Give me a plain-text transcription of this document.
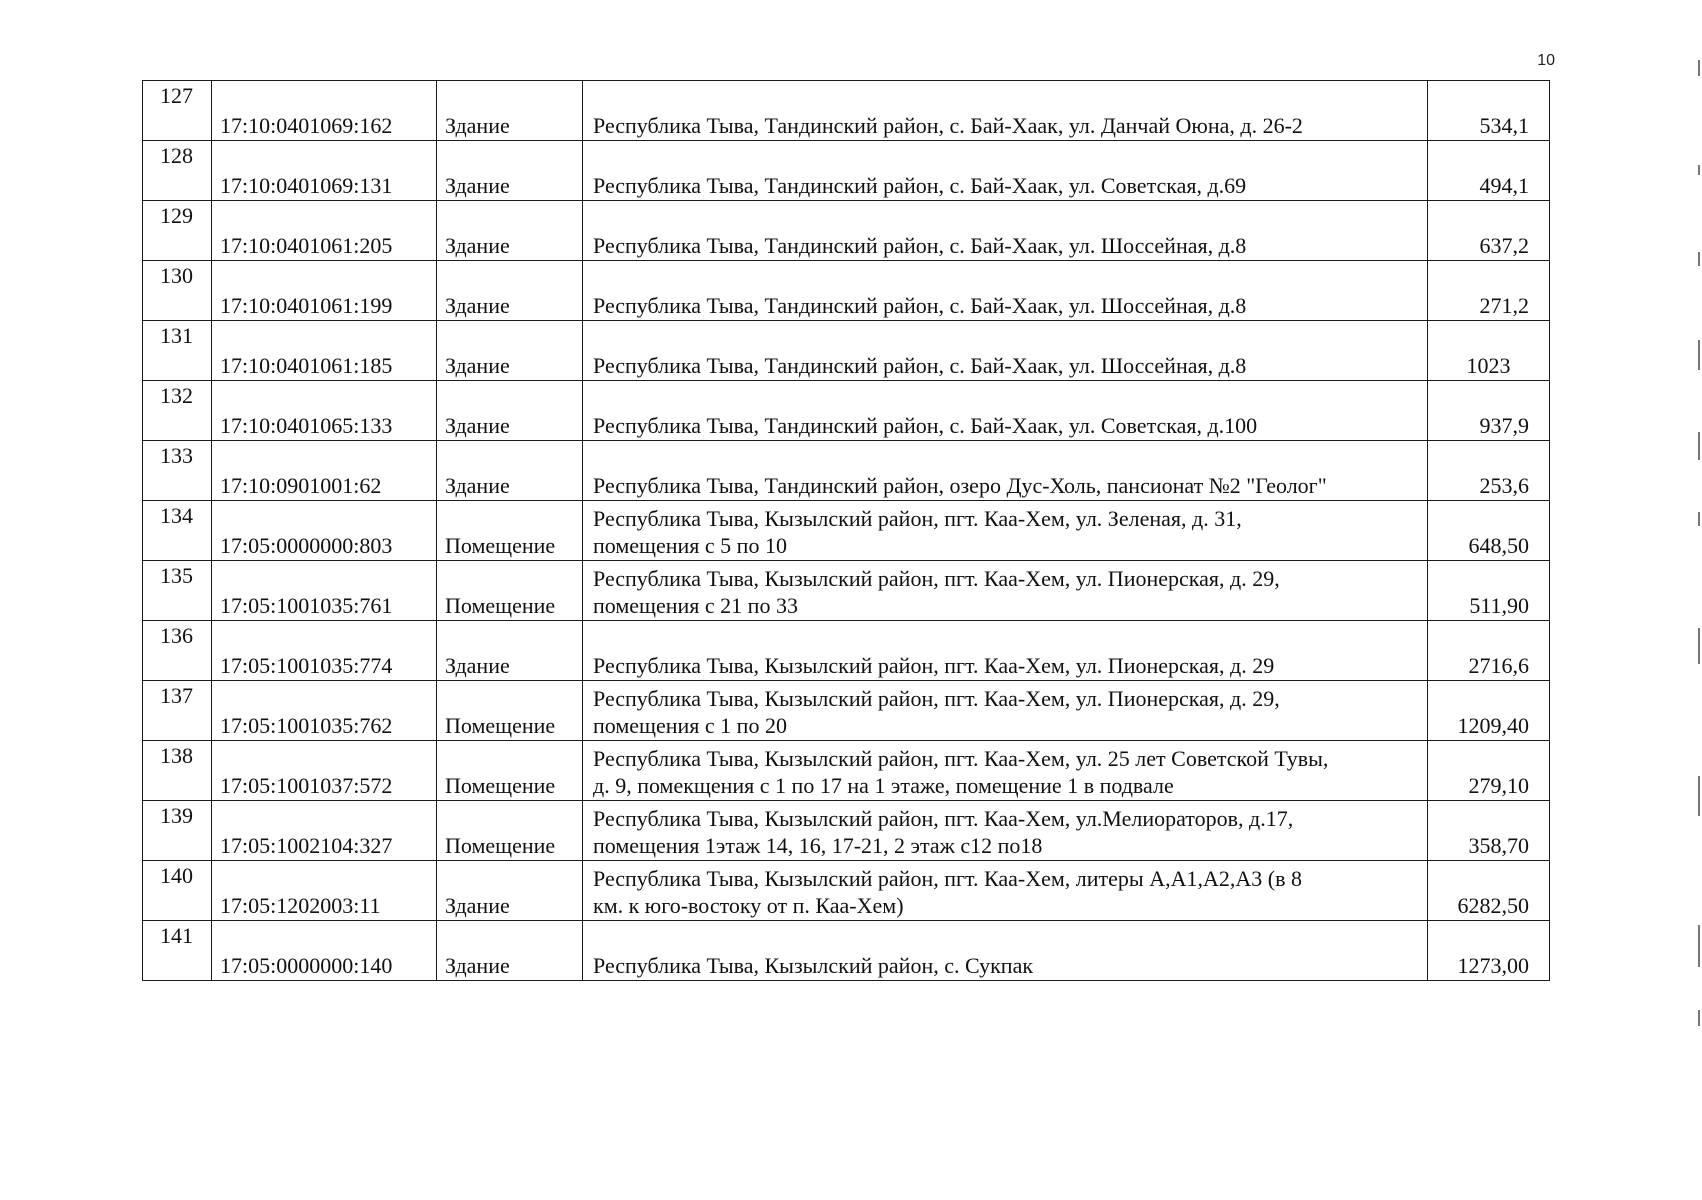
10
127	17:10:0401069:162	Здание	Республика Тыва, Тандинский район, с. Бай-Хаак, ул. Данчай Оюна, д. 26-2	534,1
128	17:10:0401069:131	Здание	Республика Тыва, Тандинский район, с. Бай-Хаак, ул. Советская, д.69	494,1
129	17:10:0401061:205	Здание	Республика Тыва, Тандинский район, с. Бай-Хаак, ул. Шоссейная, д.8	637,2
130	17:10:0401061:199	Здание	Республика Тыва, Тандинский район, с. Бай-Хаак, ул. Шоссейная, д.8	271,2
131	17:10:0401061:185	Здание	Республика Тыва, Тандинский район, с. Бай-Хаак, ул. Шоссейная, д.8	1023
132	17:10:0401065:133	Здание	Республика Тыва, Тандинский район, с. Бай-Хаак, ул. Советская, д.100	937,9
133	17:10:0901001:62	Здание	Республика Тыва, Тандинский район, озеро Дус-Холь, пансионат №2 "Геолог"	253,6
134	17:05:0000000:803	Помещение	Республика Тыва, Кызылский район, пгт. Каа-Хем, ул. Зеленая, д. 31,
помещения с 5 по 10	648,50
135	17:05:1001035:761	Помещение	Республика Тыва, Кызылский район, пгт. Каа-Хем, ул. Пионерская, д. 29,
помещения с 21 по 33	511,90
136	17:05:1001035:774	Здание	Республика Тыва, Кызылский район, пгт. Каа-Хем, ул. Пионерская, д. 29	2716,6
137	17:05:1001035:762	Помещение	Республика Тыва, Кызылский район, пгт. Каа-Хем, ул. Пионерская, д. 29,
помещения с 1 по 20	1209,40
138	17:05:1001037:572	Помещение	Республика Тыва, Кызылский район, пгт. Каа-Хем, ул. 25 лет Советской Тувы,
д. 9, помекщения с 1 по 17 на 1 этаже, помещение 1 в подвале	279,10
139	17:05:1002104:327	Помещение	Республика Тыва, Кызылский район, пгт. Каа-Хем, ул.Мелиораторов, д.17,
помещения 1этаж 14, 16, 17-21, 2 этаж с12 по18	358,70
140	17:05:1202003:11	Здание	Республика Тыва, Кызылский район, пгт. Каа-Хем, литеры А,А1,А2,А3 (в 8
км. к юго-востоку от п. Каа-Хем)	6282,50
141	17:05:0000000:140	Здание	Республика Тыва, Кызылский район, с. Сукпак	1273,00
